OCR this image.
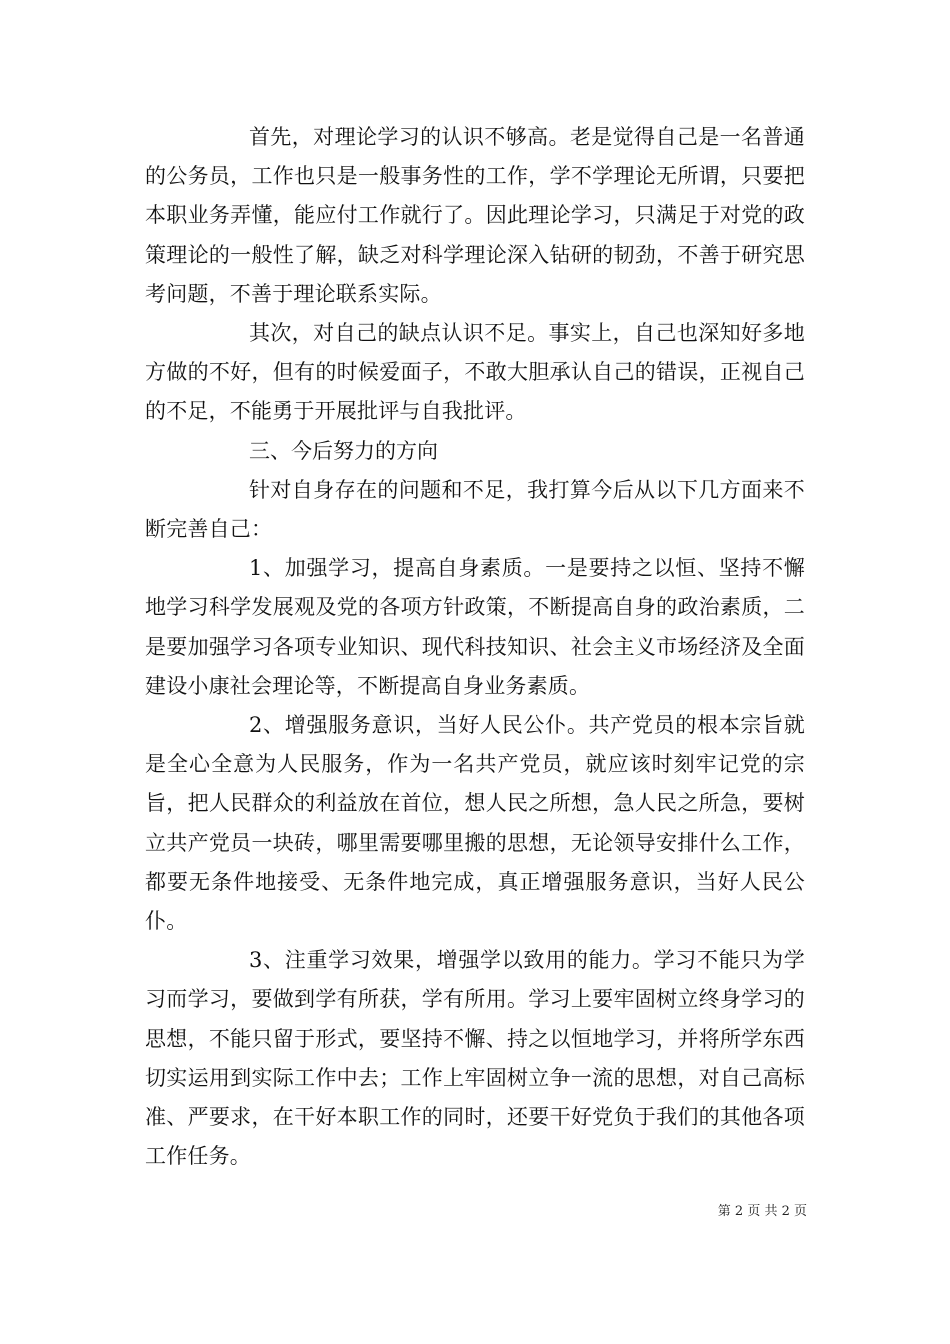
首先，对理论学习的认识不够高。老是觉得自己是一名普通的公务员，工作也只是一般事务性的工作，学不学理论无所谓，只要把本职业务弄懂，能应付工作就行了。因此理论学习，只满足于对党的政策理论的一般性了解，缺乏对科学理论深入钻研的韧劲，不善于研究思考问题，不善于理论联系实际。

其次，对自己的缺点认识不足。事实上，自己也深知好多地方做的不好，但有的时候爱面子，不敢大胆承认自己的错误，正视自己的不足，不能勇于开展批评与自我批评。

三、今后努力的方向

针对自身存在的问题和不足，我打算今后从以下几方面来不断完善自己：

1、加强学习，提高自身素质。一是要持之以恒、坚持不懈地学习科学发展观及党的各项方针政策，不断提高自身的政治素质，二是要加强学习各项专业知识、现代科技知识、社会主义市场经济及全面建设小康社会理论等，不断提高自身业务素质。

2、增强服务意识，当好人民公仆。共产党员的根本宗旨就是全心全意为人民服务，作为一名共产党员，就应该时刻牢记党的宗旨，把人民群众的利益放在首位，想人民之所想，急人民之所急，要树立共产党员一块砖，哪里需要哪里搬的思想，无论领导安排什么工作，都要无条件地接受、无条件地完成，真正增强服务意识，当好人民公仆。

3、注重学习效果，增强学以致用的能力。学习不能只为学习而学习，要做到学有所获，学有所用。学习上要牢固树立终身学习的思想，不能只留于形式，要坚持不懈、持之以恒地学习，并将所学东西切实运用到实际工作中去；工作上牢固树立争一流的思想，对自己高标准、严要求，在干好本职工作的同时，还要干好党负于我们的其他各项工作任务。

第 2 页 共 2 页
